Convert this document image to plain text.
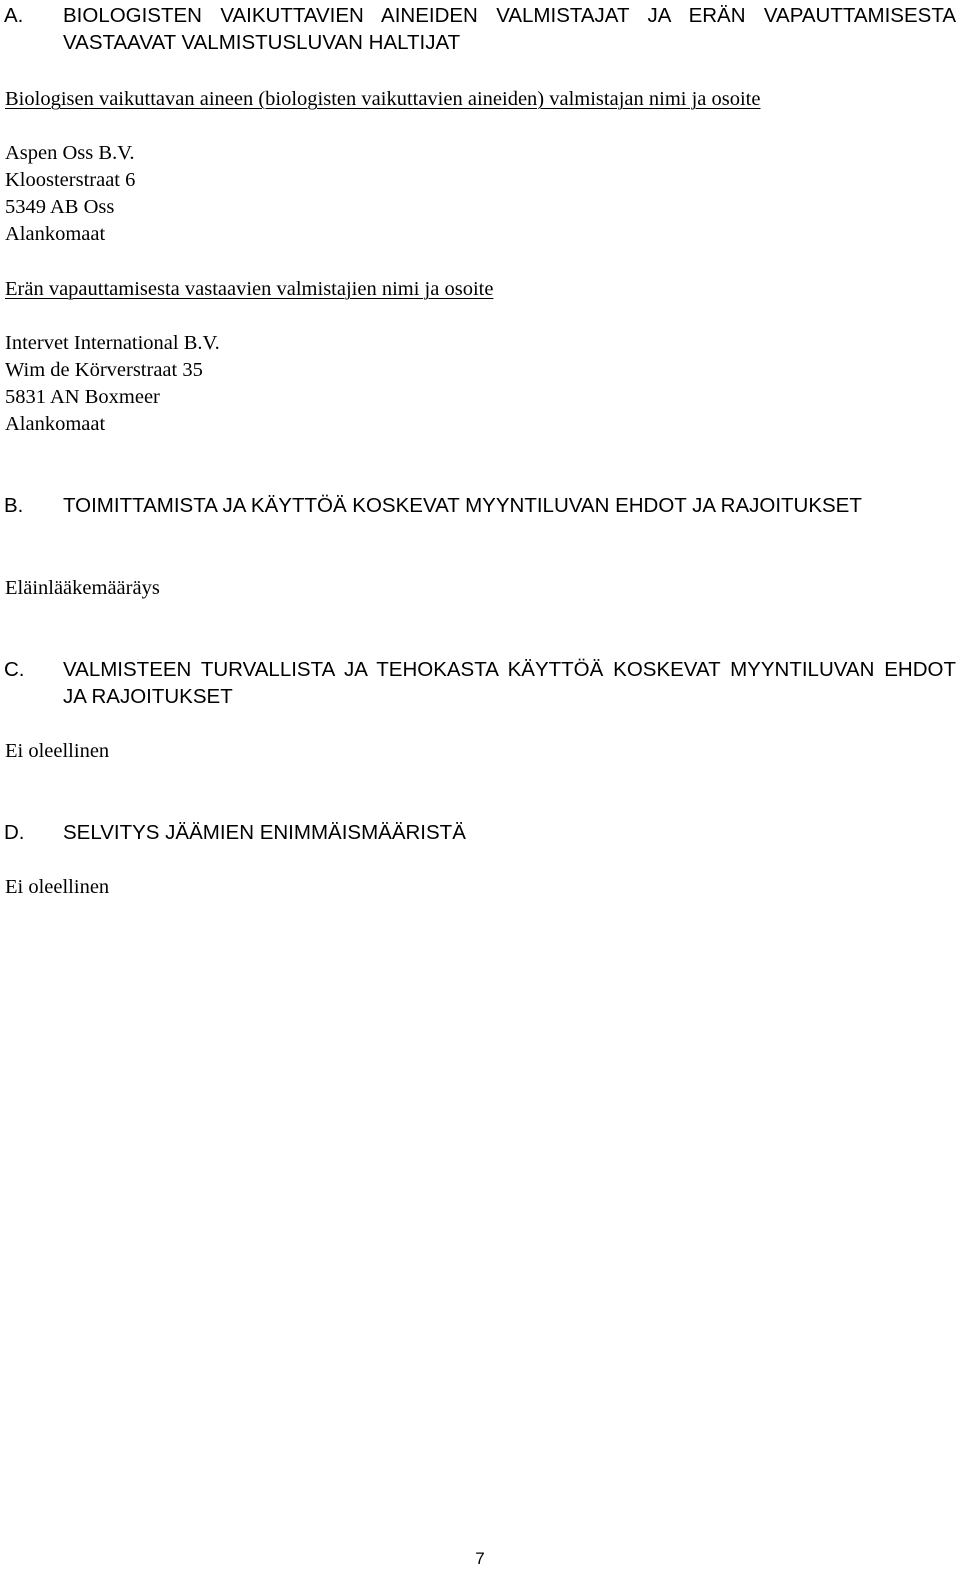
A. BIOLOGISTEN VAIKUTTAVIEN AINEIDEN VALMISTAJAT JA ERÄN VAPAUTTAMISESTA VASTAAVAT VALMISTUSLUVAN HALTIJAT
Biologisen vaikuttavan aineen (biologisten vaikuttavien aineiden) valmistajan nimi ja osoite
Aspen Oss B.V.
Kloosterstraat 6
5349 AB Oss
Alankomaat
Erän vapauttamisesta vastaavien valmistajien nimi ja osoite
Intervet International B.V.
Wim de Körverstraat 35
5831 AN Boxmeer
Alankomaat
B. TOIMITTAMISTA JA KÄYTTÖÄ KOSKEVAT MYYNTILUVAN EHDOT JA RAJOITUKSET
Eläinlääkemääräys
C. VALMISTEEN TURVALLISTA JA TEHOKASTA KÄYTTÖÄ KOSKEVAT MYYNTILUVAN EHDOT JA RAJOITUKSET
Ei oleellinen
D. SELVITYS JÄÄMIEN ENIMMÄISMÄÄRISTÄ
Ei oleellinen
7
